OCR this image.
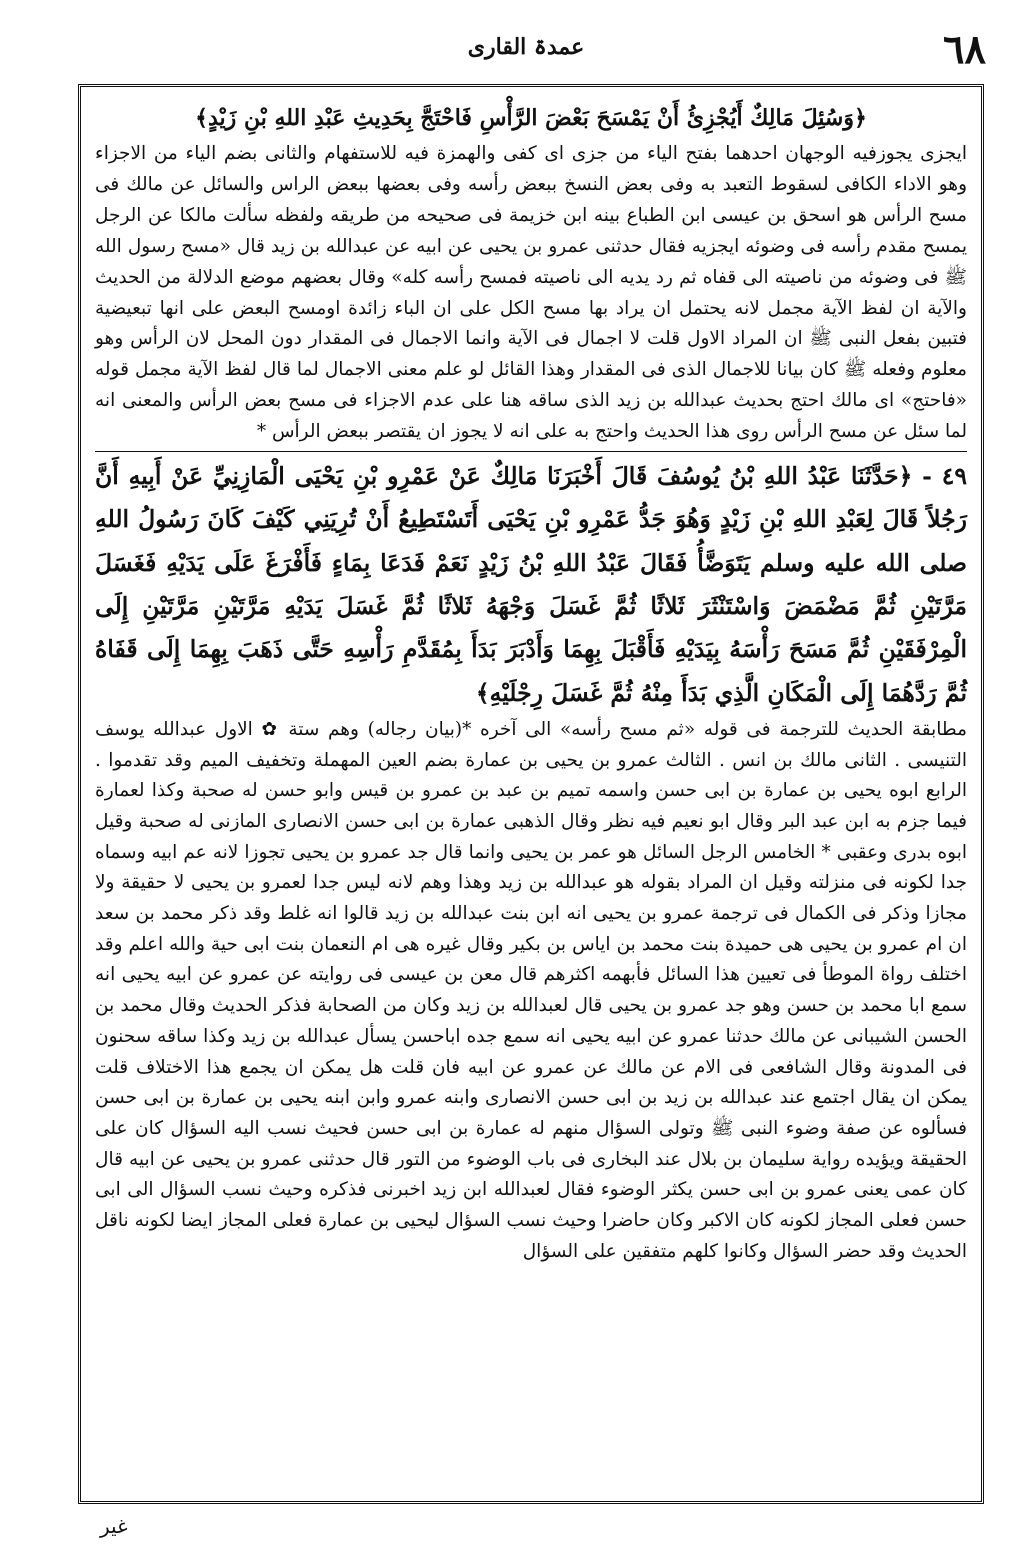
٦٨
عمدۃ القاری

﴿وَسُئِلَ مَالِكٌ أَيُجْزِئُ أَنْ يَمْسَحَ بَعْضَ الرَّأْسِ فَاحْتَجَّ بِحَدِيثِ عَبْدِ اللهِ بْنِ زَيْدٍ﴾

ايجزى يجوزفيه الوجهان احدهما بفتح الياء من جزى اى كفى والهمزة فيه للاستفهام والثانى بضم الياء من الاجزاء وهو الاداء الكافى لسقوط التعبد به وفى بعض النسخ ببعض رأسه وفى بعضها ببعض الراس والسائل عن مالك فى مسح الرأس هو اسحق بن عيسى ابن الطباع بينه ابن خزيمة فى صحيحه من طريقه ولفظه سألت مالكا عن الرجل يمسح مقدم رأسه فى وضوئه ايجزيه فقال حدثنى عمرو بن يحيى عن ابيه عن عبدالله بن زيد قال «مسح رسول الله ﷺ فى وضوئه من ناصيته الى قفاه ثم رد يديه الى ناصيته فمسح رأسه كله» وقال بعضهم موضع الدلالة من الحديث والآية ان لفظ الآية مجمل لانه يحتمل ان يراد بها مسح الكل على ان الباء زائدة اومسح البعض على انها تبعيضية فتبين بفعل النبى ﷺ ان المراد الاول قلت لا اجمال فى الآية وانما الاجمال فى المقدار دون المحل لان الرأس وهو معلوم وفعله ﷺ كان بيانا للاجمال الذى فى المقدار وهذا القائل لو علم معنى الاجمال لما قال لفظ الآية مجمل قوله «فاحتج» اى مالك احتج بحديث عبدالله بن زيد الذى ساقه هنا على عدم الاجزاء فى مسح بعض الرأس والمعنى انه لما سئل عن مسح الرأس روى هذا الحديث واحتج به على انه لا يجوز ان يقتصر ببعض الرأس *

٤٩ - ﴿حَدَّثَنَا عَبْدُ اللهِ بْنُ يُوسُفَ قَالَ أَخْبَرَنَا مَالِكٌ عَنْ عَمْرِو بْنِ يَحْيَى الْمَازِنِيِّ عَنْ أَبِيهِ أَنَّ رَجُلاً قَالَ لِعَبْدِ اللهِ بْنِ زَيْدٍ وَهُوَ جَدُّ عَمْرِو بْنِ يَحْيَى أَتَسْتَطِيعُ أَنْ تُرِيَنِي كَيْفَ كَانَ رَسُولُ اللهِ صلى الله عليه وسلم يَتَوَضَّأُ فَقَالَ عَبْدُ اللهِ بْنُ زَيْدٍ نَعَمْ فَدَعَا بِمَاءٍ فَأَفْرَغَ عَلَى يَدَيْهِ فَغَسَلَ مَرَّتَيْنِ ثُمَّ مَضْمَضَ وَاسْتَنْثَرَ ثَلاثًا ثُمَّ غَسَلَ وَجْهَهُ ثَلاثًا ثُمَّ غَسَلَ يَدَيْهِ مَرَّتَيْنِ مَرَّتَيْنِ إِلَى الْمِرْفَقَيْنِ ثُمَّ مَسَحَ رَأْسَهُ بِيَدَيْهِ فَأَقْبَلَ بِهِمَا وَأَدْبَرَ بَدَأَ بِمُقَدَّمِ رَأْسِهِ حَتَّى ذَهَبَ بِهِمَا إِلَى قَفَاهُ ثُمَّ رَدَّهُمَا إِلَى الْمَكَانِ الَّذِي بَدَأَ مِنْهُ ثُمَّ غَسَلَ رِجْلَيْهِ﴾

مطابقة الحديث للترجمة فى قوله «ثم مسح رأسه» الى آخره *(بيان رجاله) وهم ستة ✿ الاول عبدالله يوسف التنيسى . الثانى مالك بن انس . الثالث عمرو بن يحيى بن عمارة بضم العين المهملة وتخفيف الميم وقد تقدموا . الرابع ابوه يحيى بن عمارة بن ابى حسن واسمه تميم بن عبد بن عمرو بن قيس وابو حسن له صحبة وكذا لعمارة فيما جزم به ابن عبد البر وقال ابو نعيم فيه نظر وقال الذهبى عمارة بن ابى حسن الانصارى المازنى له صحبة وقيل ابوه بدرى وعقبى * الخامس الرجل السائل هو عمر بن يحيى وانما قال جد عمرو بن يحيى تجوزا لانه عم ابيه وسماه جدا لكونه فى منزلته وقيل ان المراد بقوله هو عبدالله بن زيد وهذا وهم لانه ليس جدا لعمرو بن يحيى لا حقيقة ولا مجازا وذكر فى الكمال فى ترجمة عمرو بن يحيى انه ابن بنت عبدالله بن زيد قالوا انه غلط وقد ذكر محمد بن سعد ان ام عمرو بن يحيى هى حميدة بنت محمد بن اياس بن بكير وقال غيره هى ام النعمان بنت ابى حية والله اعلم وقد اختلف رواة الموطأ فى تعيين هذا السائل فأبهمه اكثرهم قال معن بن عيسى فى روايته عن عمرو عن ابيه يحيى انه سمع ابا محمد بن حسن وهو جد عمرو بن يحيى قال لعبدالله بن زيد وكان من الصحابة فذكر الحديث وقال محمد بن الحسن الشيبانى عن مالك حدثنا عمرو عن ابيه يحيى انه سمع جده اباحسن يسأل عبدالله بن زيد وكذا ساقه سحنون فى المدونة وقال الشافعى فى الام عن مالك عن عمرو عن ابيه فان قلت هل يمكن ان يجمع هذا الاختلاف قلت يمكن ان يقال اجتمع عند عبدالله بن زيد بن ابى حسن الانصارى وابنه عمرو وابن ابنه يحيى بن عمارة بن ابى حسن فسألوه عن صفة وضوء النبى ﷺ وتولى السؤال منهم له عمارة بن ابى حسن فحيث نسب اليه السؤال كان على الحقيقة ويؤيده رواية سليمان بن بلال عند البخارى فى باب الوضوء من التور قال حدثنى عمرو بن يحيى عن ابيه قال كان عمى يعنى عمرو بن ابى حسن يكثر الوضوء فقال لعبدالله ابن زيد اخبرنى فذكره وحيث نسب السؤال الى ابى حسن فعلى المجاز لكونه كان الاكبر وكان حاضرا وحيث نسب السؤال ليحيى بن عمارة فعلى المجاز ايضا لكونه ناقل الحديث وقد حضر السؤال وكانوا كلهم متفقين على السؤال

غير
